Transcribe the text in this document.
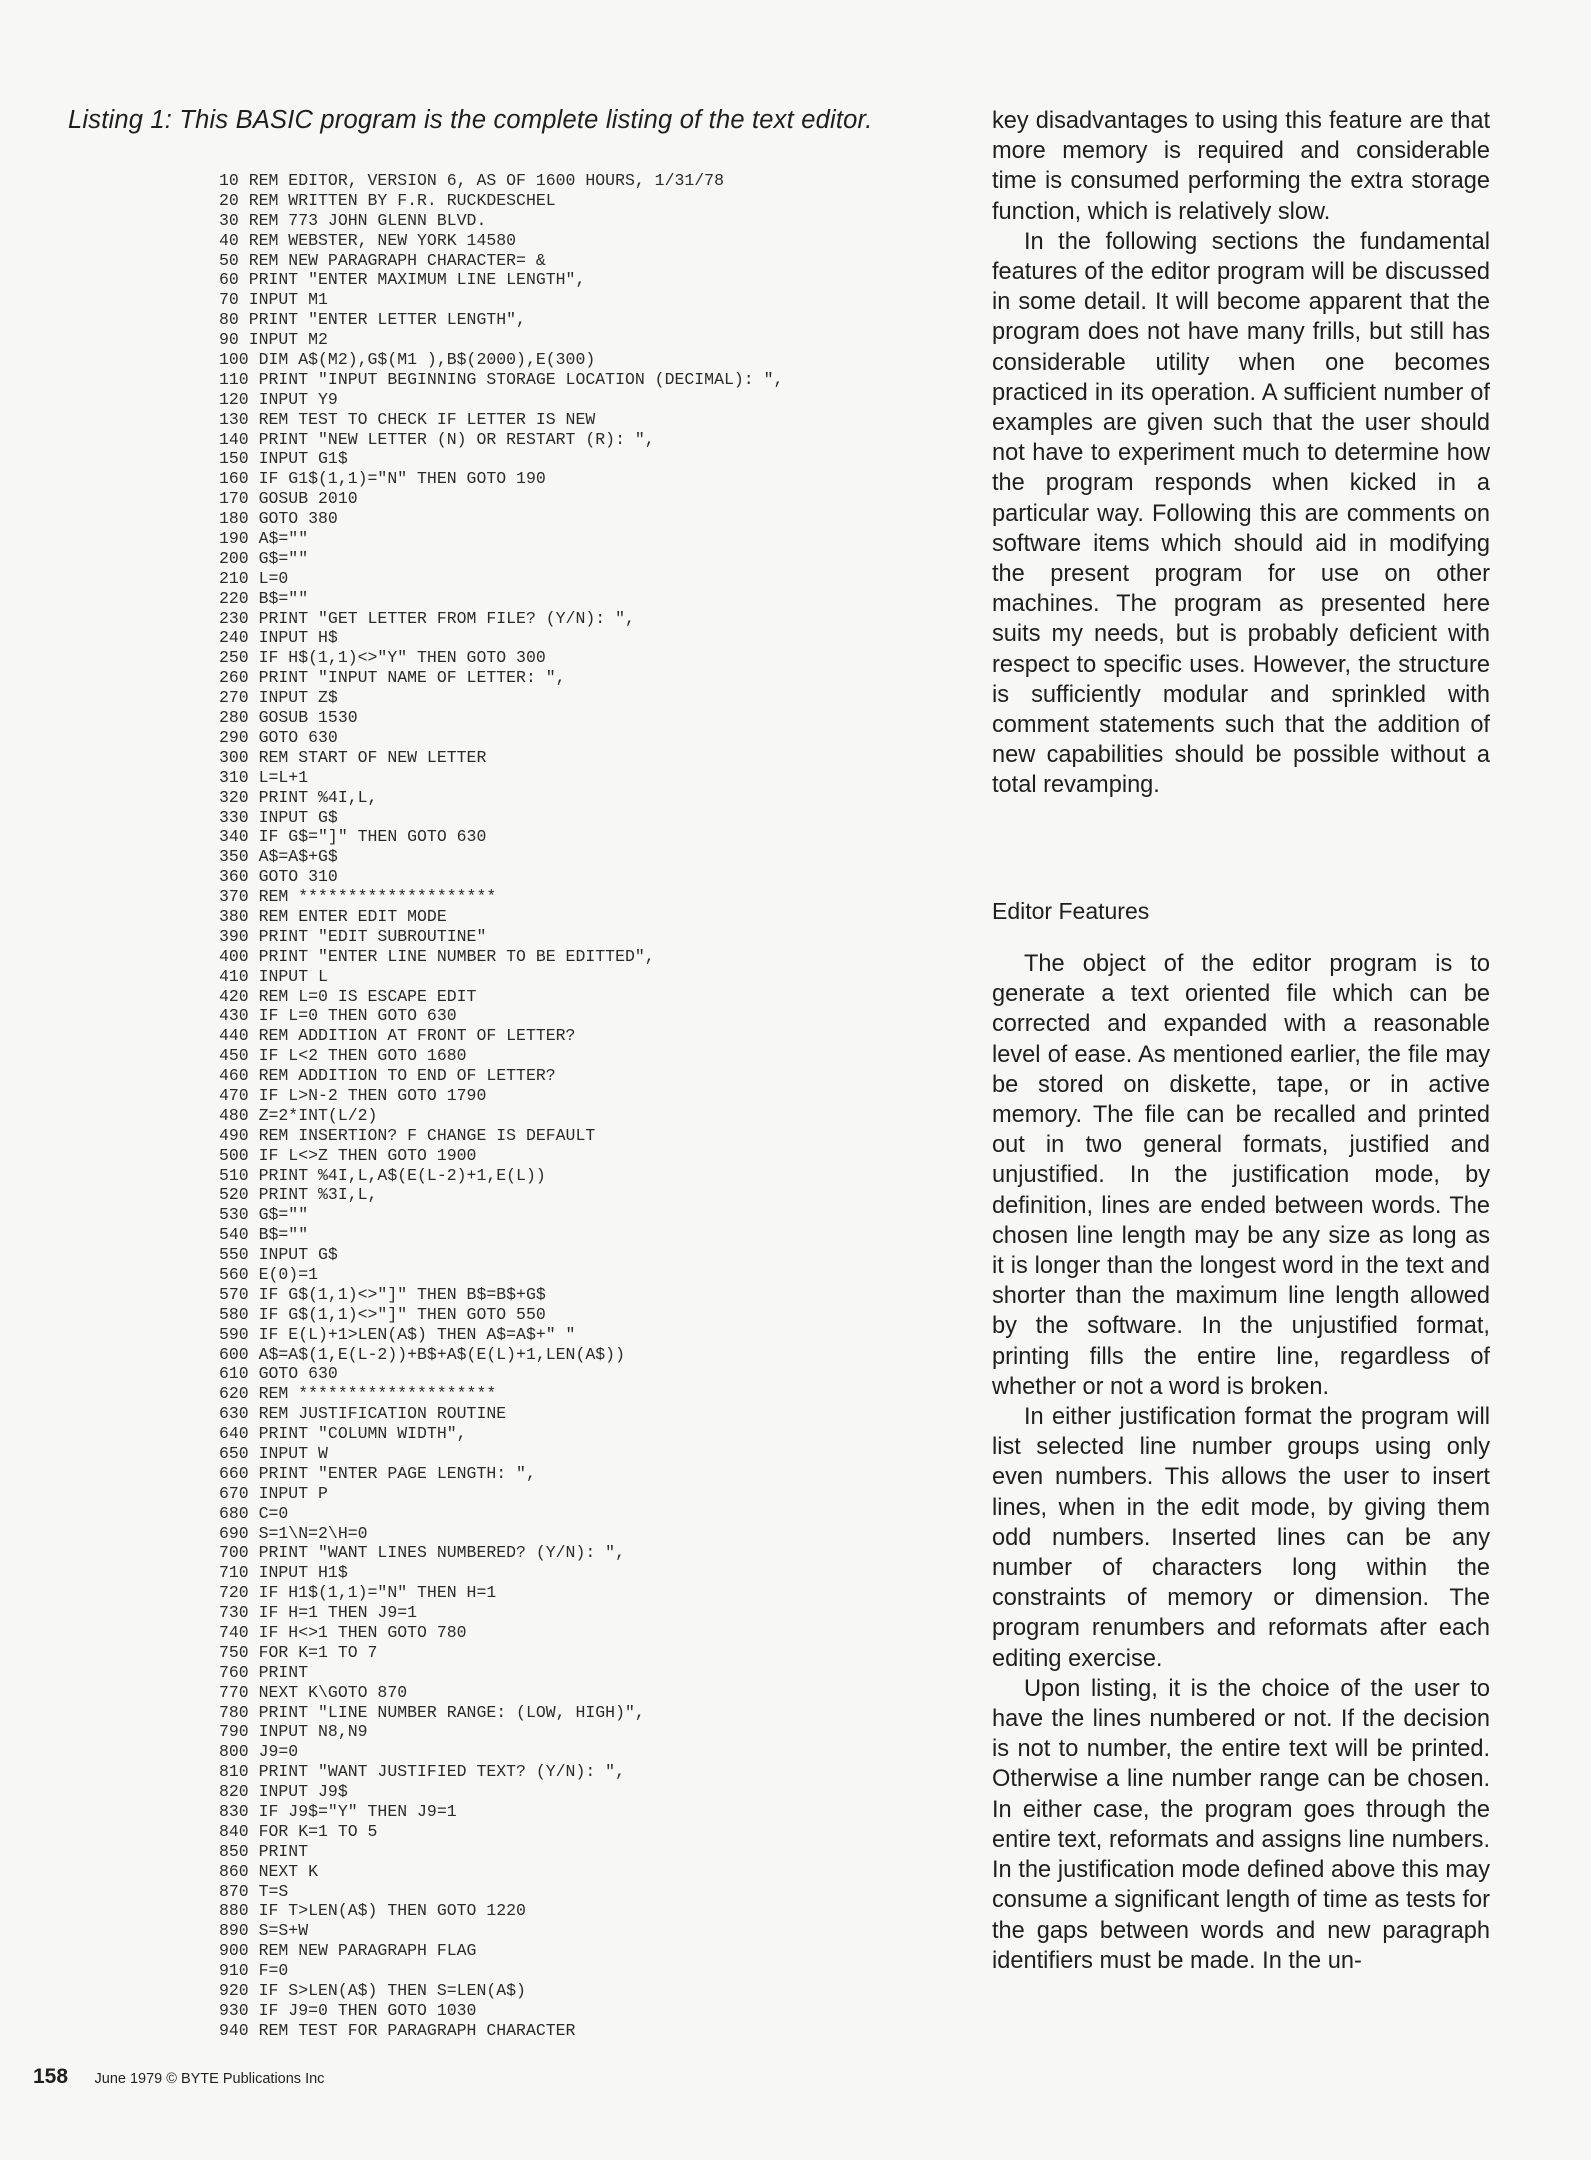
Listing 1: This BASIC program is the complete listing of the text editor.
10 REM EDITOR, VERSION 6, AS OF 1600 HOURS, 1/31/78
20 REM WRITTEN BY F.R. RUCKDESCHEL
30 REM 773 JOHN GLENN BLVD.
40 REM WEBSTER, NEW YORK 14580
50 REM NEW PARAGRAPH CHARACTER= &
60 PRINT "ENTER MAXIMUM LINE LENGTH",
70 INPUT M1
80 PRINT "ENTER LETTER LENGTH",
90 INPUT M2
100 DIM A$(M2),G$(M1 ),B$(2000),E(300)
110 PRINT "INPUT BEGINNING STORAGE LOCATION (DECIMAL): ",
120 INPUT Y9
130 REM TEST TO CHECK IF LETTER IS NEW
140 PRINT "NEW LETTER (N) OR RESTART (R): ",
150 INPUT G1$
160 IF G1$(1,1)="N" THEN GOTO 190
170 GOSUB 2010
180 GOTO 380
190 A$=""
200 G$=""
210 L=0
220 B$=""
230 PRINT "GET LETTER FROM FILE? (Y/N): ",
240 INPUT H$
250 IF H$(1,1)<>"Y" THEN GOTO 300
260 PRINT "INPUT NAME OF LETTER: ",
270 INPUT Z$
280 GOSUB 1530
290 GOTO 630
300 REM START OF NEW LETTER
310 L=L+1
320 PRINT %4I,L,
330 INPUT G$
340 IF G$="]" THEN GOTO 630
350 A$=A$+G$
360 GOTO 310
370 REM ********************
380 REM ENTER EDIT MODE
390 PRINT "EDIT SUBROUTINE"
400 PRINT "ENTER LINE NUMBER TO BE EDITTED",
410 INPUT L
420 REM L=0 IS ESCAPE EDIT
430 IF L=0 THEN GOTO 630
440 REM ADDITION AT FRONT OF LETTER?
450 IF L<2 THEN GOTO 1680
460 REM ADDITION TO END OF LETTER?
470 IF L>N-2 THEN GOTO 1790
480 Z=2*INT(L/2)
490 REM INSERTION? F CHANGE IS DEFAULT
500 IF L<>Z THEN GOTO 1900
510 PRINT %4I,L,A$(E(L-2)+1,E(L))
520 PRINT %3I,L,
530 G$=""
540 B$=""
550 INPUT G$
560 E(0)=1
570 IF G$(1,1)<>"]" THEN B$=B$+G$
580 IF G$(1,1)<>"]" THEN GOTO 550
590 IF E(L)+1>LEN(A$) THEN A$=A$+" "
600 A$=A$(1,E(L-2))+B$+A$(E(L)+1,LEN(A$))
610 GOTO 630
620 REM ********************
630 REM JUSTIFICATION ROUTINE
640 PRINT "COLUMN WIDTH",
650 INPUT W
660 PRINT "ENTER PAGE LENGTH: ",
670 INPUT P
680 C=0
690 S=1\N=2\H=0
700 PRINT "WANT LINES NUMBERED? (Y/N): ",
710 INPUT H1$
720 IF H1$(1,1)="N" THEN H=1
730 IF H=1 THEN J9=1
740 IF H<>1 THEN GOTO 780
750 FOR K=1 TO 7
760 PRINT
770 NEXT K\GOTO 870
780 PRINT "LINE NUMBER RANGE: (LOW, HIGH)",
790 INPUT N8,N9
800 J9=0
810 PRINT "WANT JUSTIFIED TEXT? (Y/N): ",
820 INPUT J9$
830 IF J9$="Y" THEN J9=1
840 FOR K=1 TO 5
850 PRINT
860 NEXT K
870 T=S
880 IF T>LEN(A$) THEN GOTO 1220
890 S=S+W
900 REM NEW PARAGRAPH FLAG
910 F=0
920 IF S>LEN(A$) THEN S=LEN(A$)
930 IF J9=0 THEN GOTO 1030
940 REM TEST FOR PARAGRAPH CHARACTER

key disadvantages to using this feature are that more memory is required and considerable time is consumed performing the extra storage function, which is relatively slow.

In the following sections the fundamental features of the editor program will be discussed in some detail. It will become apparent that the program does not have many frills, but still has considerable utility when one becomes practiced in its operation. A sufficient number of examples are given such that the user should not have to experiment much to determine how the program responds when kicked in a particular way. Following this are comments on software items which should aid in modifying the present program for use on other machines. The program as presented here suits my needs, but is probably deficient with respect to specific uses. However, the structure is sufficiently modular and sprinkled with comment statements such that the addition of new capabilities should be possible without a total revamping.

Editor Features

The object of the editor program is to generate a text oriented file which can be corrected and expanded with a reasonable level of ease. As mentioned earlier, the file may be stored on diskette, tape, or in active memory. The file can be recalled and printed out in two general formats, justified and unjustified. In the justification mode, by definition, lines are ended between words. The chosen line length may be any size as long as it is longer than the longest word in the text and shorter than the maximum line length allowed by the software. In the unjustified format, printing fills the entire line, regardless of whether or not a word is broken.

In either justification format the program will list selected line number groups using only even numbers. This allows the user to insert lines, when in the edit mode, by giving them odd numbers. Inserted lines can be any number of characters long within the constraints of memory or dimension. The program renumbers and reformats after each editing exercise.

Upon listing, it is the choice of the user to have the lines numbered or not. If the decision is not to number, the entire text will be printed. Otherwise a line number range can be chosen. In either case, the program goes through the entire text, reformats and assigns line numbers. In the justification mode defined above this may consume a significant length of time as tests for the gaps between words and new paragraph identifiers must be made. In the un-

158 June 1979 © BYTE Publications Inc
